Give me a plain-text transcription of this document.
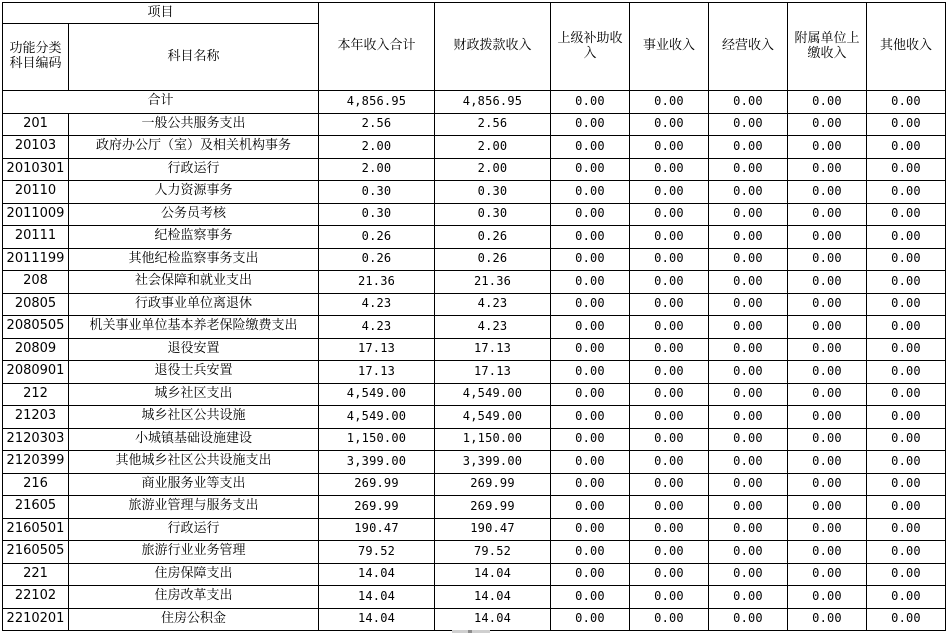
项目		本年收入合计	财政拨款收入	上级补助收入	事业收入	经营收入	附属单位上缴收入	其他收入
功能分类科目编码	科目名称							
合计		4,856.95	4,856.95	0.00	0.00	0.00	0.00	0.00
201	一般公共服务支出	2.56	2.56	0.00	0.00	0.00	0.00	0.00
20103	政府办公厅（室）及相关机构事务	2.00	2.00	0.00	0.00	0.00	0.00	0.00
2010301	行政运行	2.00	2.00	0.00	0.00	0.00	0.00	0.00
20110	人力资源事务	0.30	0.30	0.00	0.00	0.00	0.00	0.00
2011009	公务员考核	0.30	0.30	0.00	0.00	0.00	0.00	0.00
20111	纪检监察事务	0.26	0.26	0.00	0.00	0.00	0.00	0.00
2011199	其他纪检监察事务支出	0.26	0.26	0.00	0.00	0.00	0.00	0.00
208	社会保障和就业支出	21.36	21.36	0.00	0.00	0.00	0.00	0.00
20805	行政事业单位离退休	4.23	4.23	0.00	0.00	0.00	0.00	0.00
2080505	机关事业单位基本养老保险缴费支出	4.23	4.23	0.00	0.00	0.00	0.00	0.00
20809	退役安置	17.13	17.13	0.00	0.00	0.00	0.00	0.00
2080901	退役士兵安置	17.13	17.13	0.00	0.00	0.00	0.00	0.00
212	城乡社区支出	4,549.00	4,549.00	0.00	0.00	0.00	0.00	0.00
21203	城乡社区公共设施	4,549.00	4,549.00	0.00	0.00	0.00	0.00	0.00
2120303	小城镇基础设施建设	1,150.00	1,150.00	0.00	0.00	0.00	0.00	0.00
2120399	其他城乡社区公共设施支出	3,399.00	3,399.00	0.00	0.00	0.00	0.00	0.00
216	商业服务业等支出	269.99	269.99	0.00	0.00	0.00	0.00	0.00
21605	旅游业管理与服务支出	269.99	269.99	0.00	0.00	0.00	0.00	0.00
2160501	行政运行	190.47	190.47	0.00	0.00	0.00	0.00	0.00
2160505	旅游行业业务管理	79.52	79.52	0.00	0.00	0.00	0.00	0.00
221	住房保障支出	14.04	14.04	0.00	0.00	0.00	0.00	0.00
22102	住房改革支出	14.04	14.04	0.00	0.00	0.00	0.00	0.00
2210201	住房公积金	14.04	14.04	0.00	0.00	0.00	0.00	0.00
